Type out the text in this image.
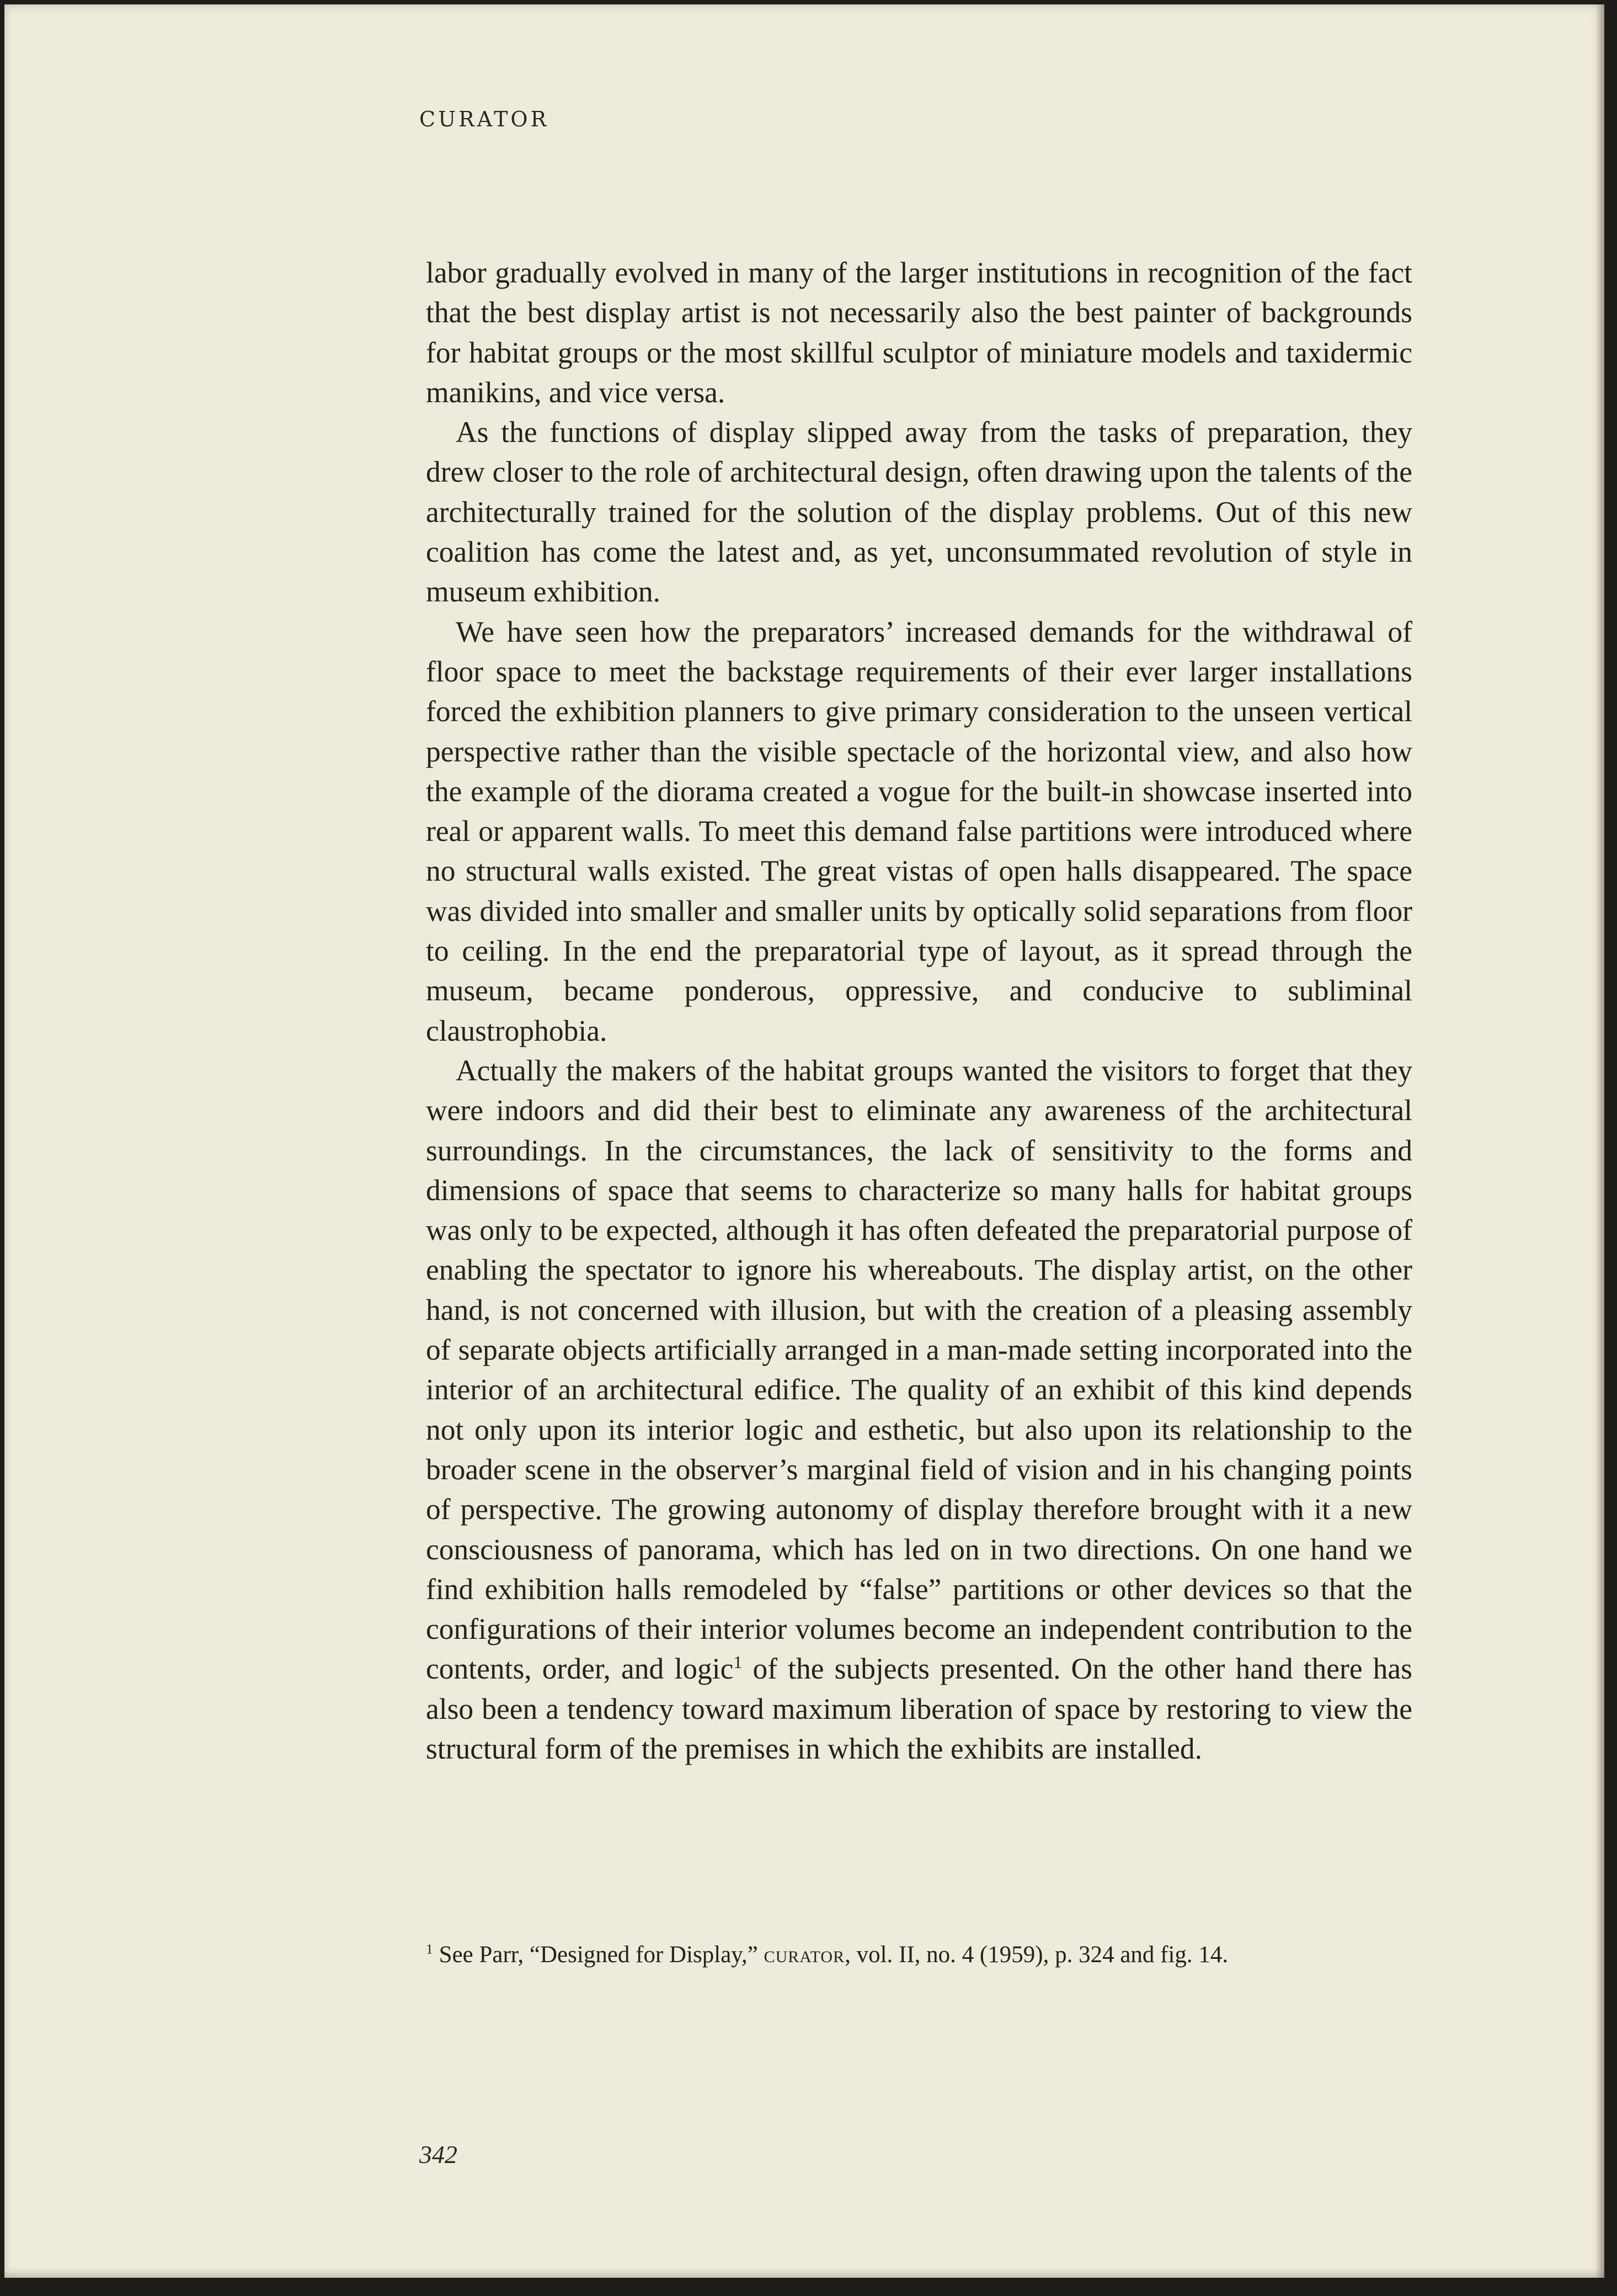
CURATOR

labor gradually evolved in many of the larger institutions in recognition of the fact that the best display artist is not necessarily also the best painter of backgrounds for habitat groups or the most skillful sculptor of miniature models and taxidermic manikins, and vice versa.

As the functions of display slipped away from the tasks of preparation, they drew closer to the role of architectural design, often drawing upon the talents of the architecturally trained for the solution of the display problems. Out of this new coalition has come the latest and, as yet, unconsummated revolution of style in museum exhibition.

We have seen how the preparators’ increased demands for the withdrawal of floor space to meet the backstage requirements of their ever larger installations forced the exhibition planners to give primary consideration to the unseen vertical perspective rather than the visible spectacle of the horizontal view, and also how the example of the diorama created a vogue for the built-in showcase inserted into real or apparent walls. To meet this demand false partitions were introduced where no structural walls existed. The great vistas of open halls disappeared. The space was divided into smaller and smaller units by optically solid separations from floor to ceiling. In the end the preparatorial type of layout, as it spread through the museum, became ponderous, oppressive, and conducive to subliminal claustrophobia.

Actually the makers of the habitat groups wanted the visitors to forget that they were indoors and did their best to eliminate any awareness of the architectural surroundings. In the circumstances, the lack of sensitivity to the forms and dimensions of space that seems to characterize so many halls for habitat groups was only to be expected, although it has often defeated the preparatorial purpose of enabling the spectator to ignore his whereabouts. The display artist, on the other hand, is not concerned with illusion, but with the creation of a pleasing assembly of separate objects artificially arranged in a man-made setting incorporated into the interior of an architectural edifice. The quality of an exhibit of this kind depends not only upon its interior logic and esthetic, but also upon its relationship to the broader scene in the observer’s marginal field of vision and in his changing points of perspective. The growing autonomy of display therefore brought with it a new consciousness of panorama, which has led on in two directions. On one hand we find exhibition halls remodeled by “false” partitions or other devices so that the configurations of their interior volumes become an independent contribution to the contents, order, and logic$^1$ of the subjects presented. On the other hand there has also been a tendency toward maximum liberation of space by restoring to view the structural form of the premises in which the exhibits are installed.

$^1$ See Parr, “Designed for Display,” curator, vol. II, no. 4 (1959), p. 324 and fig. 14.
342
